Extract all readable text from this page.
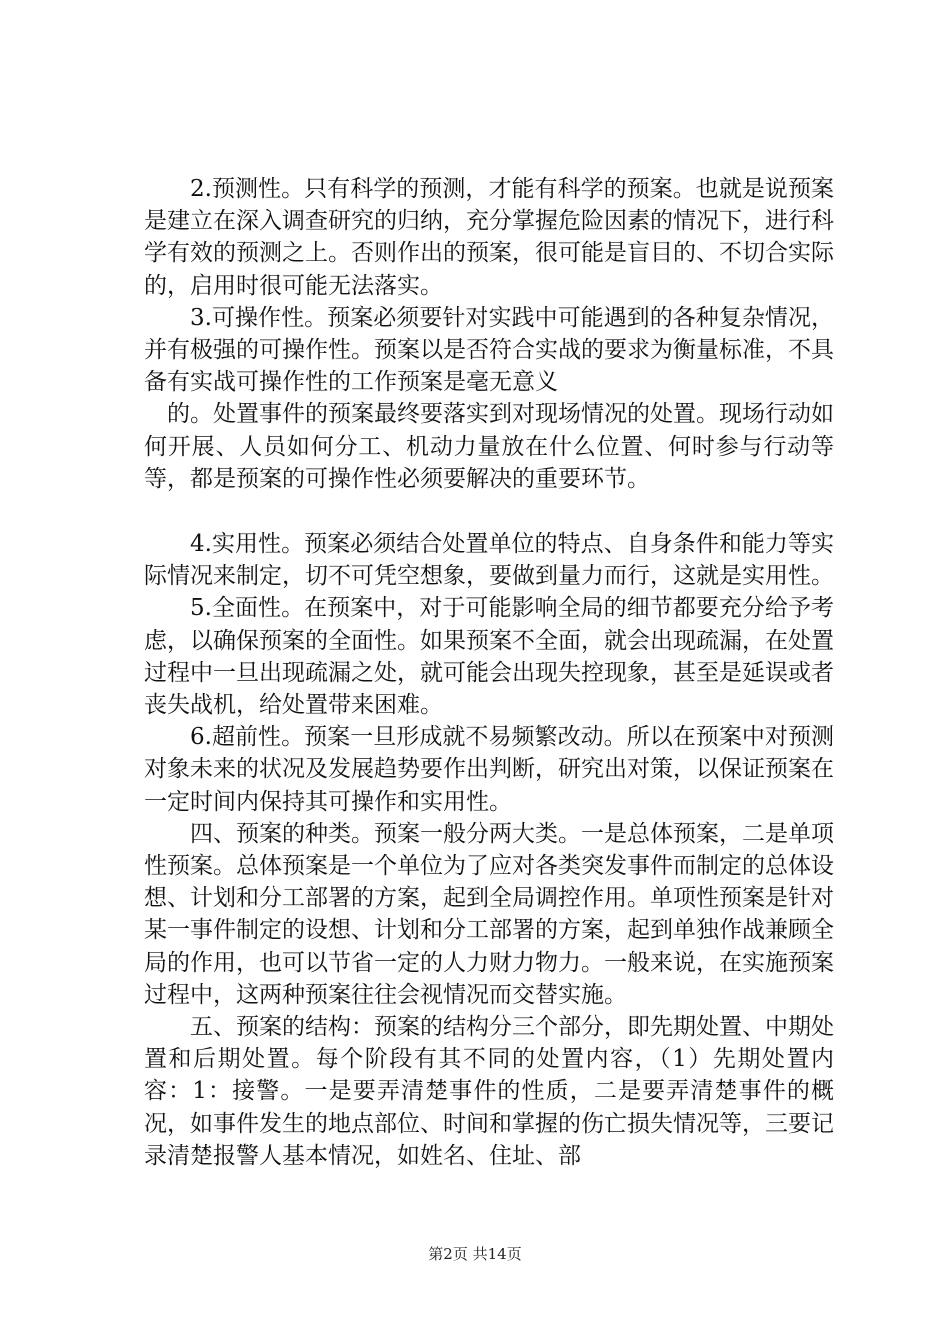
2.预测性。只有科学的预测，才能有科学的预案。也就是说预案是建立在深入调查研究的归纳，充分掌握危险因素的情况下，进行科学有效的预测之上。否则作出的预案，很可能是盲目的、不切合实际的，启用时很可能无法落实。

3.可操作性。预案必须要针对实践中可能遇到的各种复杂情况，并有极强的可操作性。预案以是否符合实战的要求为衡量标准，不具备有实战可操作性的工作预案是毫无意义

的。处置事件的预案最终要落实到对现场情况的处置。现场行动如何开展、人员如何分工、机动力量放在什么位置、何时参与行动等等，都是预案的可操作性必须要解决的重要环节。

4.实用性。预案必须结合处置单位的特点、自身条件和能力等实际情况来制定，切不可凭空想象，要做到量力而行，这就是实用性。

5.全面性。在预案中，对于可能影响全局的细节都要充分给予考虑，以确保预案的全面性。如果预案不全面，就会出现疏漏，在处置过程中一旦出现疏漏之处，就可能会出现失控现象，甚至是延误或者丧失战机，给处置带来困难。

6.超前性。预案一旦形成就不易频繁改动。所以在预案中对预测对象未来的状况及发展趋势要作出判断，研究出对策，以保证预案在一定时间内保持其可操作和实用性。

四、预案的种类。预案一般分两大类。一是总体预案，二是单项性预案。总体预案是一个单位为了应对各类突发事件而制定的总体设想、计划和分工部署的方案，起到全局调控作用。单项性预案是针对某一事件制定的设想、计划和分工部署的方案，起到单独作战兼顾全局的作用，也可以节省一定的人力财力物力。一般来说，在实施预案过程中，这两种预案往往会视情况而交替实施。

五、预案的结构：预案的结构分三个部分，即先期处置、中期处置和后期处置。每个阶段有其不同的处置内容，（1）先期处置内容：1：接警。一是要弄清楚事件的性质，二是要弄清楚事件的概况，如事件发生的地点部位、时间和掌握的伤亡损失情况等，三要记录清楚报警人基本情况，如姓名、住址、部

第2页 共14页
